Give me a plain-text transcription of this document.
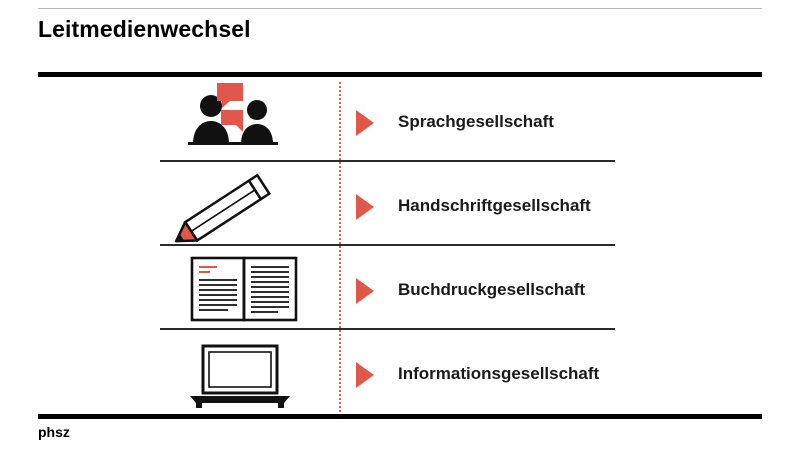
Leitmedienwechsel
Sprachgesellschaft
Handschriftgesellschaft
Buchdruckgesellschaft
Informationsgesellschaft
phsz
